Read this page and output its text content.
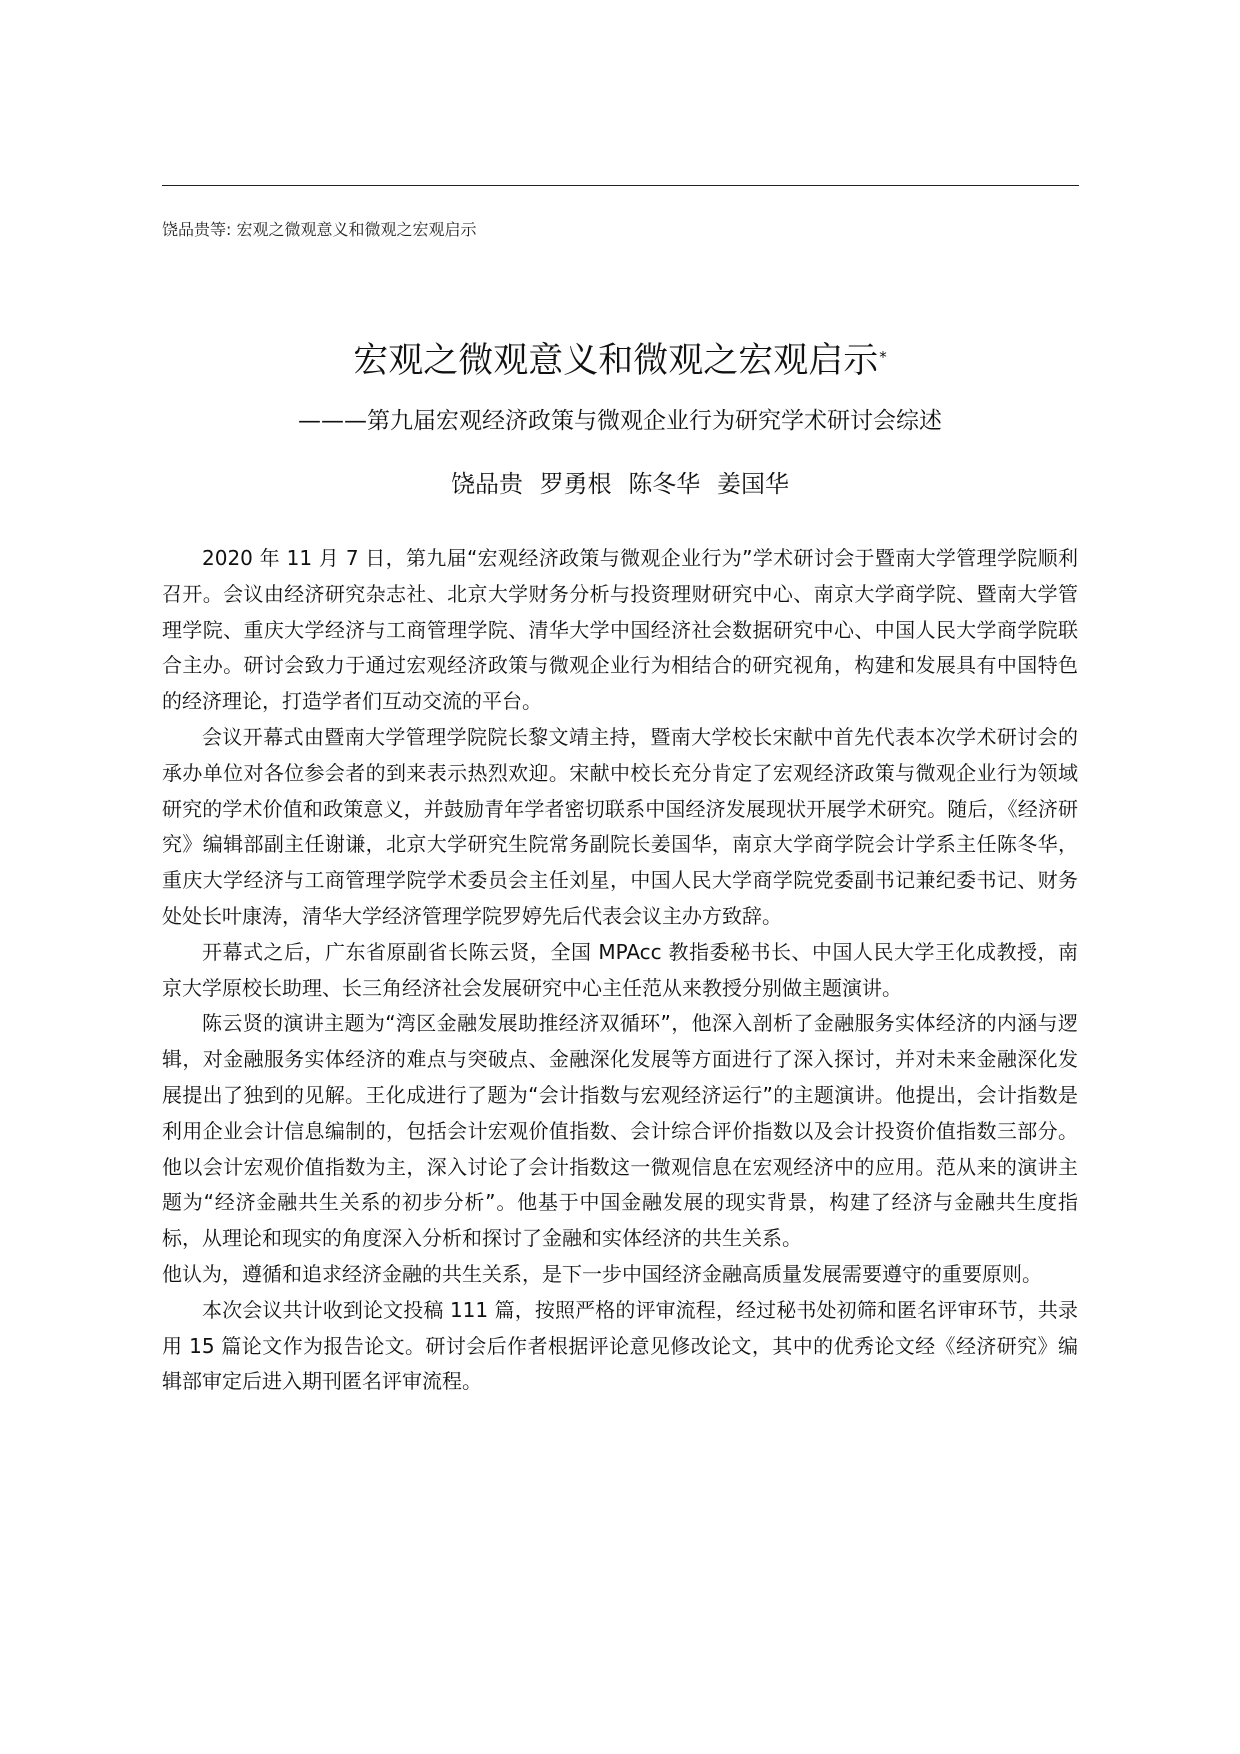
饶品贵等: 宏观之微观意义和微观之宏观启示
宏观之微观意义和微观之宏观启示*
———第九届宏观经济政策与微观企业行为研究学术研讨会综述
饶品贵 罗勇根 陈冬华 姜国华

2020 年 11 月 7 日，第九届“宏观经济政策与微观企业行为”学术研讨会于暨南大学管理学院顺利召开。会议由经济研究杂志社、北京大学财务分析与投资理财研究中心、南京大学商学院、暨南大学管理学院、重庆大学经济与工商管理学院、清华大学中国经济社会数据研究中心、中国人民大学商学院联合主办。研讨会致力于通过宏观经济政策与微观企业行为相结合的研究视角，构建和发展具有中国特色的经济理论，打造学者们互动交流的平台。

会议开幕式由暨南大学管理学院院长黎文靖主持，暨南大学校长宋献中首先代表本次学术研讨会的承办单位对各位参会者的到来表示热烈欢迎。宋献中校长充分肯定了宏观经济政策与微观企业行为领域研究的学术价值和政策意义，并鼓励青年学者密切联系中国经济发展现状开展学术研究。随后，《经济研究》编辑部副主任谢谦，北京大学研究生院常务副院长姜国华，南京大学商学院会计学系主任陈冬华，重庆大学经济与工商管理学院学术委员会主任刘星，中国人民大学商学院党委副书记兼纪委书记、财务处处长叶康涛，清华大学经济管理学院罗婷先后代表会议主办方致辞。

开幕式之后，广东省原副省长陈云贤，全国 MPAcc 教指委秘书长、中国人民大学王化成教授，南京大学原校长助理、长三角经济社会发展研究中心主任范从来教授分别做主题演讲。

陈云贤的演讲主题为“湾区金融发展助推经济双循环”，他深入剖析了金融服务实体经济的内涵与逻辑，对金融服务实体经济的难点与突破点、金融深化发展等方面进行了深入探讨，并对未来金融深化发展提出了独到的见解。王化成进行了题为“会计指数与宏观经济运行”的主题演讲。他提出，会计指数是利用企业会计信息编制的，包括会计宏观价值指数、会计综合评价指数以及会计投资价值指数三部分。他以会计宏观价值指数为主，深入讨论了会计指数这一微观信息在宏观经济中的应用。范从来的演讲主题为“经济金融共生关系的初步分析”。他基于中国金融发展的现实背景，构建了经济与金融共生度指标，从理论和现实的角度深入分析和探讨了金融和实体经济的共生关系。

他认为，遵循和追求经济金融的共生关系，是下一步中国经济金融高质量发展需要遵守的重要原则。

本次会议共计收到论文投稿 111 篇，按照严格的评审流程，经过秘书处初筛和匿名评审环节，共录用 15 篇论文作为报告论文。研讨会后作者根据评论意见修改论文，其中的优秀论文经《经济研究》编辑部审定后进入期刊匿名评审流程。
